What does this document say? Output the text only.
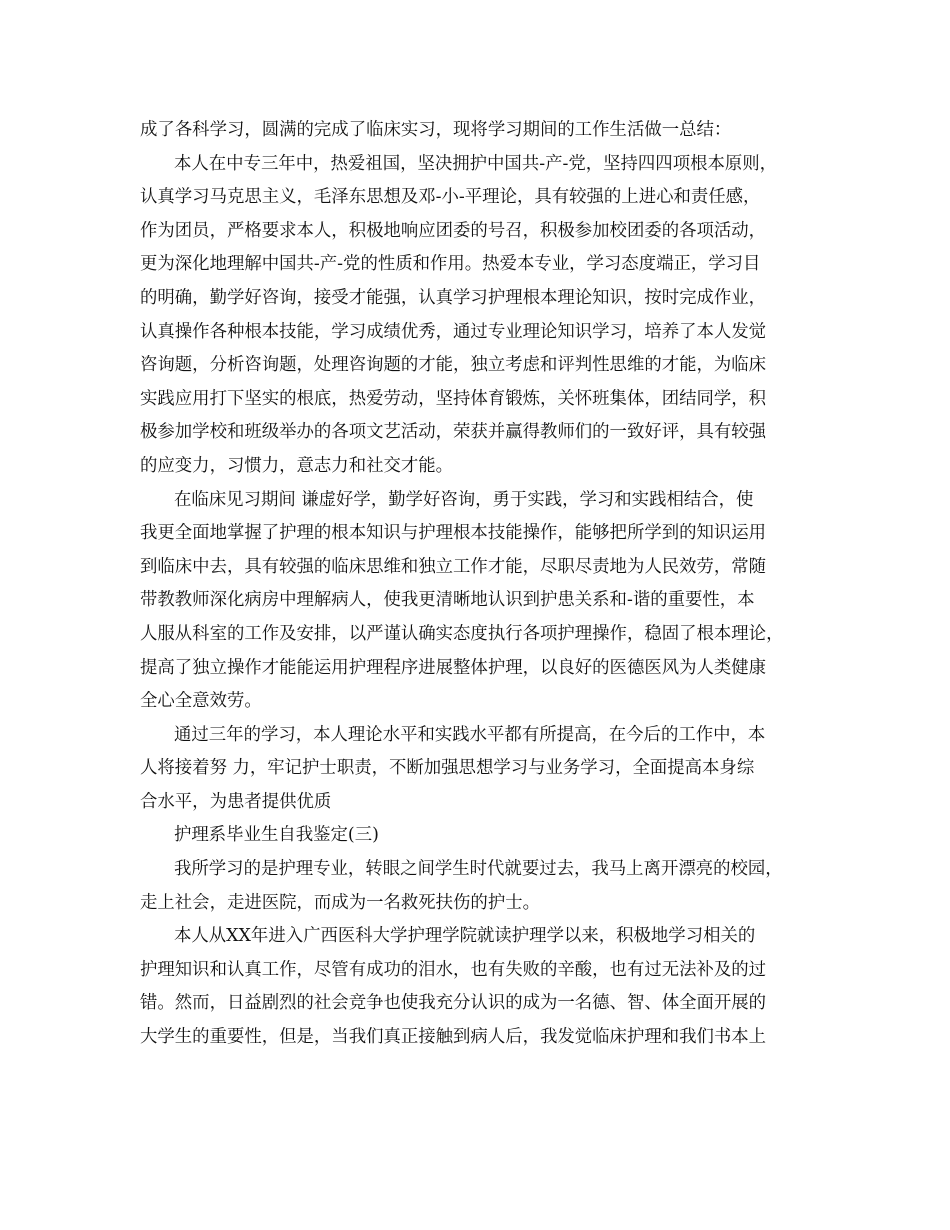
成了各科学习，圆满的完成了临床实习，现将学习期间的工作生活做一总结：
本人在中专三年中，热爱祖国，坚决拥护中国共-产-党，坚持四四项根本原则，
认真学习马克思主义，毛泽东思想及邓-小-平理论，具有较强的上进心和责任感，
作为团员，严格要求本人，积极地响应团委的号召，积极参加校团委的各项活动，
更为深化地理解中国共-产-党的性质和作用。热爱本专业，学习态度端正，学习目
的明确，勤学好咨询，接受才能强，认真学习护理根本理论知识，按时完成作业，
认真操作各种根本技能，学习成绩优秀，通过专业理论知识学习，培养了本人发觉
咨询题，分析咨询题，处理咨询题的才能，独立考虑和评判性思维的才能，为临床
实践应用打下坚实的根底，热爱劳动，坚持体育锻炼，关怀班集体，团结同学，积
极参加学校和班级举办的各项文艺活动，荣获并赢得教师们的一致好评，具有较强
的应变力，习惯力，意志力和社交才能。
在临床见习期间 谦虚好学，勤学好咨询，勇于实践，学习和实践相结合，使
我更全面地掌握了护理的根本知识与护理根本技能操作，能够把所学到的知识运用
到临床中去，具有较强的临床思维和独立工作才能，尽职尽责地为人民效劳，常随
带教教师深化病房中理解病人，使我更清晰地认识到护患关系和-谐的重要性，本
人服从科室的工作及安排，以严谨认确实态度执行各项护理操作，稳固了根本理论，
提高了独立操作才能能运用护理程序进展整体护理，以良好的医德医风为人类健康
全心全意效劳。
通过三年的学习，本人理论水平和实践水平都有所提高，在今后的工作中，本
人将接着努 力，牢记护士职责，不断加强思想学习与业务学习，全面提高本身综
合水平，为患者提供优质
护理系毕业生自我鉴定(三)
我所学习的是护理专业，转眼之间学生时代就要过去，我马上离开漂亮的校园，
走上社会，走进医院，而成为一名救死扶伤的护士。
本人从XX年进入广西医科大学护理学院就读护理学以来，积极地学习相关的
护理知识和认真工作，尽管有成功的泪水，也有失败的辛酸，也有过无法补及的过
错。然而，日益剧烈的社会竞争也使我充分认识的成为一名德、智、体全面开展的
大学生的重要性，但是，当我们真正接触到病人后，我发觉临床护理和我们书本上
